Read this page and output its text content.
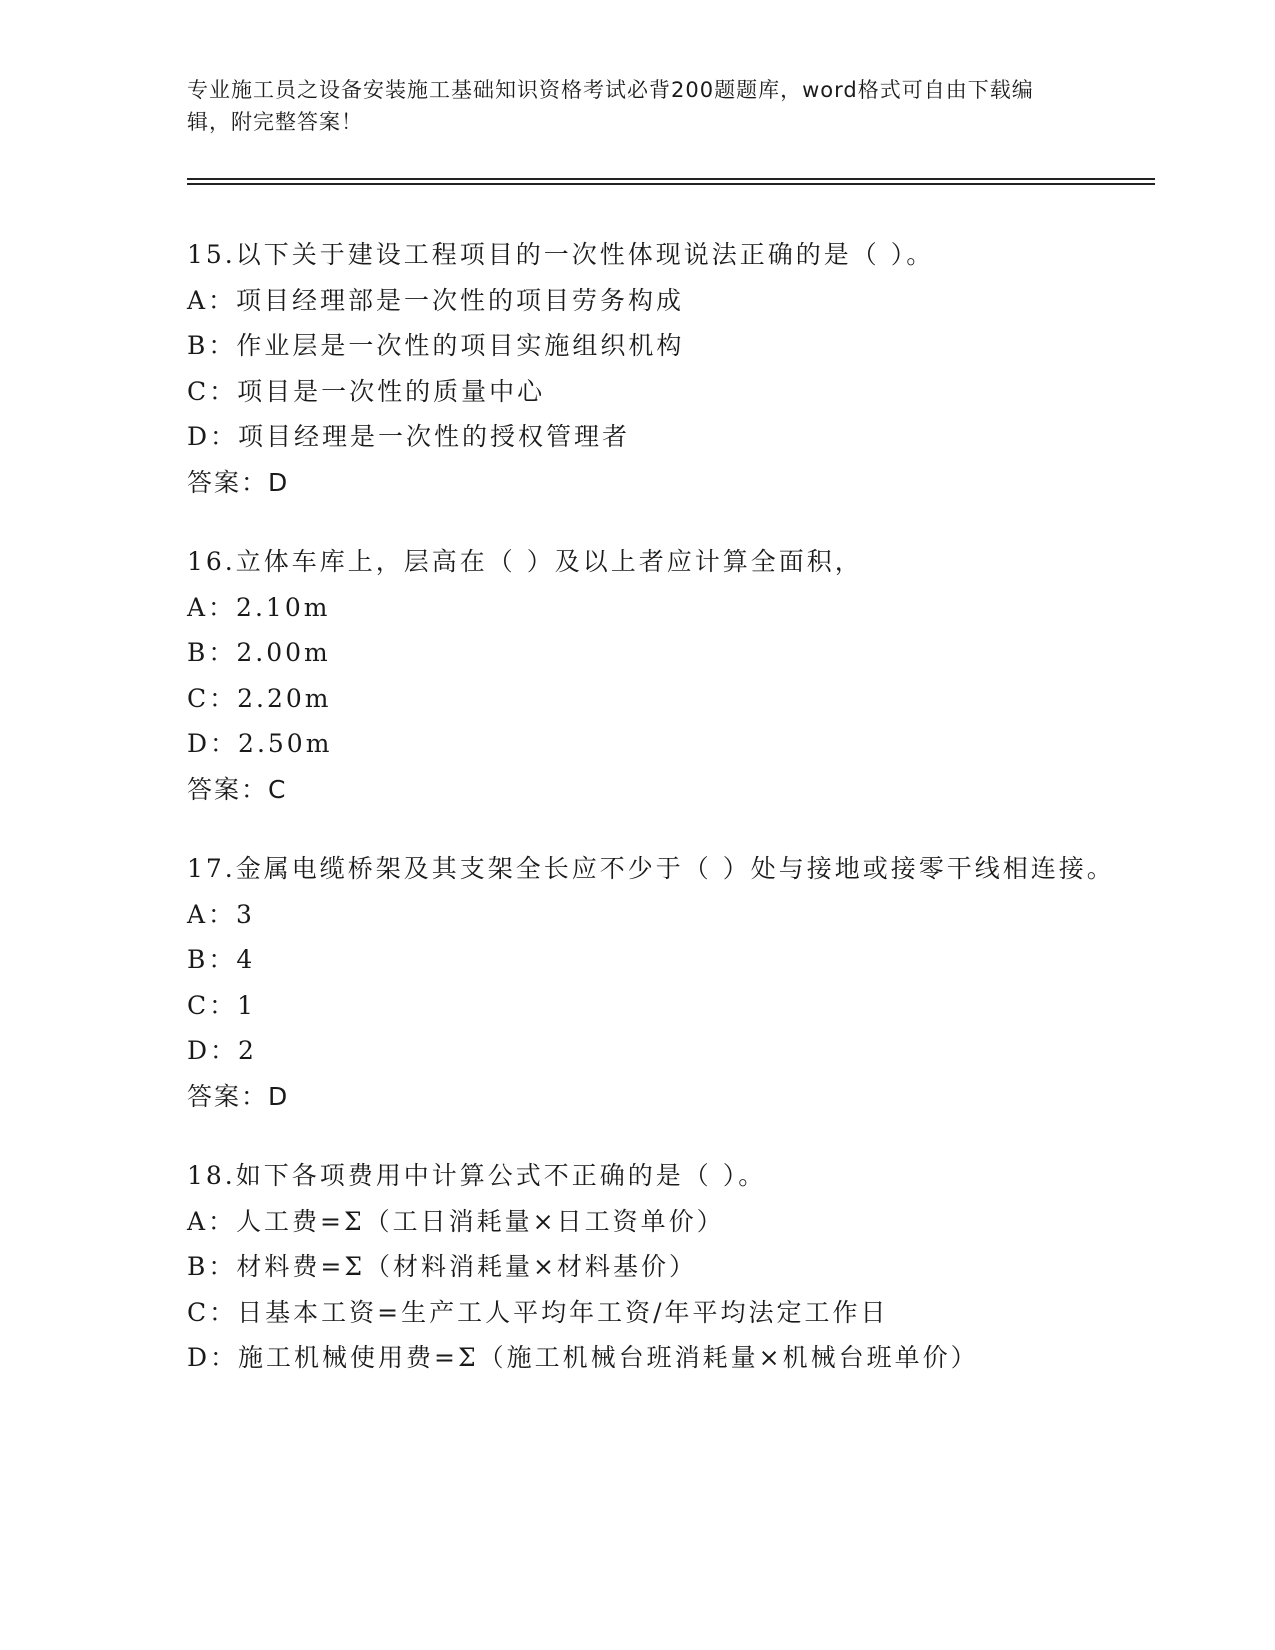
专业施工员之设备安装施工基础知识资格考试必背200题题库，word格式可自由下载编辑，附完整答案！
15.以下关于建设工程项目的一次性体现说法正确的是（ ）。
A：项目经理部是一次性的项目劳务构成
B：作业层是一次性的项目实施组织机构
C：项目是一次性的质量中心
D：项目经理是一次性的授权管理者
答案：D
16.立体车库上，层高在（ ）及以上者应计算全面积，
A：2.10m
B：2.00m
C：2.20m
D：2.50m
答案：C
17.金属电缆桥架及其支架全长应不少于（ ）处与接地或接零干线相连接。
A：3
B：4
C：1
D：2
答案：D
18.如下各项费用中计算公式不正确的是（ ）。
A：人工费=Σ（工日消耗量×日工资单价）
B：材料费=Σ（材料消耗量×材料基价）
C：日基本工资=生产工人平均年工资/年平均法定工作日
D：施工机械使用费=Σ（施工机械台班消耗量×机械台班单价）
